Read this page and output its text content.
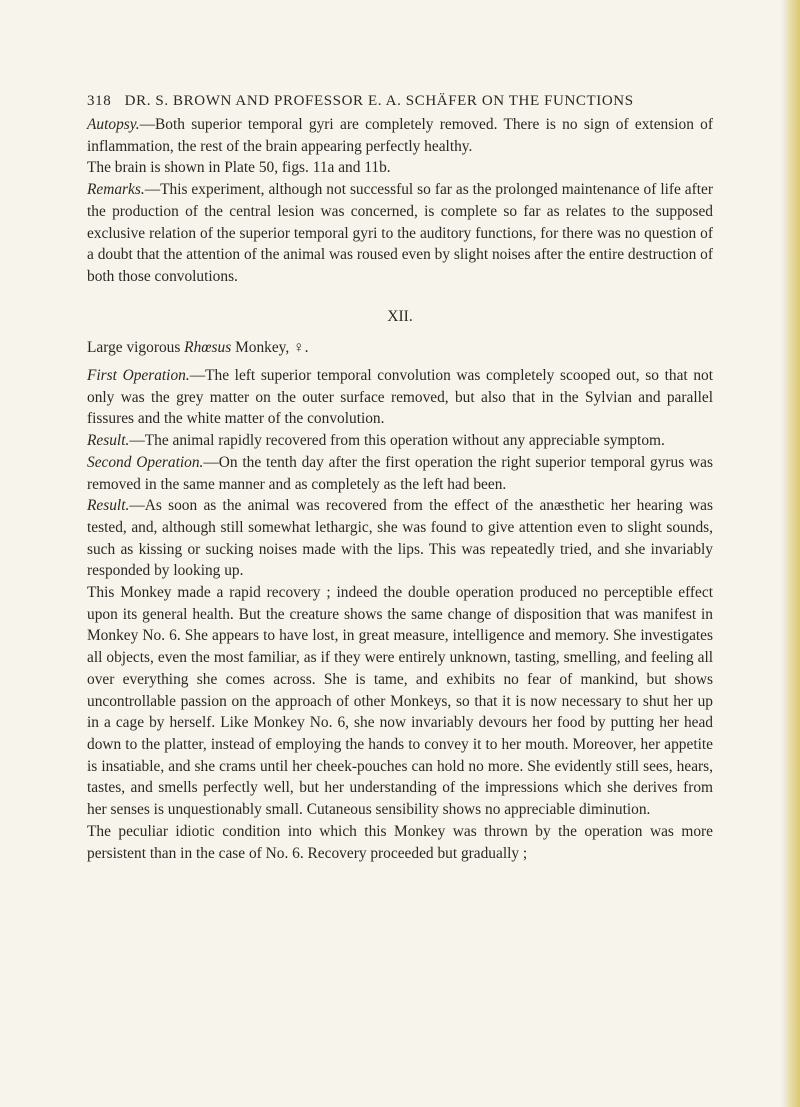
318 DR. S. BROWN AND PROFESSOR E. A. SCHÄFER ON THE FUNCTIONS

Autopsy.—Both superior temporal gyri are completely removed. There is no sign of extension of inflammation, the rest of the brain appearing perfectly healthy.

The brain is shown in Plate 50, figs. 11a and 11b.

Remarks.—This experiment, although not successful so far as the prolonged maintenance of life after the production of the central lesion was concerned, is complete so far as relates to the supposed exclusive relation of the superior temporal gyri to the auditory functions, for there was no question of a doubt that the attention of the animal was roused even by slight noises after the entire destruction of both those convolutions.

XII.

Large vigorous Rhœsus Monkey, ♀.

First Operation.—The left superior temporal convolution was completely scooped out, so that not only was the grey matter on the outer surface removed, but also that in the Sylvian and parallel fissures and the white matter of the convolution.

Result.—The animal rapidly recovered from this operation without any appreciable symptom.

Second Operation.—On the tenth day after the first operation the right superior temporal gyrus was removed in the same manner and as completely as the left had been.

Result.—As soon as the animal was recovered from the effect of the anæsthetic her hearing was tested, and, although still somewhat lethargic, she was found to give attention even to slight sounds, such as kissing or sucking noises made with the lips. This was repeatedly tried, and she invariably responded by looking up.

This Monkey made a rapid recovery ; indeed the double operation produced no perceptible effect upon its general health. But the creature shows the same change of disposition that was manifest in Monkey No. 6. She appears to have lost, in great measure, intelligence and memory. She investigates all objects, even the most familiar, as if they were entirely unknown, tasting, smelling, and feeling all over everything she comes across. She is tame, and exhibits no fear of mankind, but shows uncontrollable passion on the approach of other Monkeys, so that it is now necessary to shut her up in a cage by herself. Like Monkey No. 6, she now invariably devours her food by putting her head down to the platter, instead of employing the hands to convey it to her mouth. Moreover, her appetite is insatiable, and she crams until her cheek-pouches can hold no more. She evidently still sees, hears, tastes, and smells perfectly well, but her understanding of the impressions which she derives from her senses is unquestionably small. Cutaneous sensibility shows no appreciable diminution.

The peculiar idiotic condition into which this Monkey was thrown by the operation was more persistent than in the case of No. 6. Recovery proceeded but gradually ;
